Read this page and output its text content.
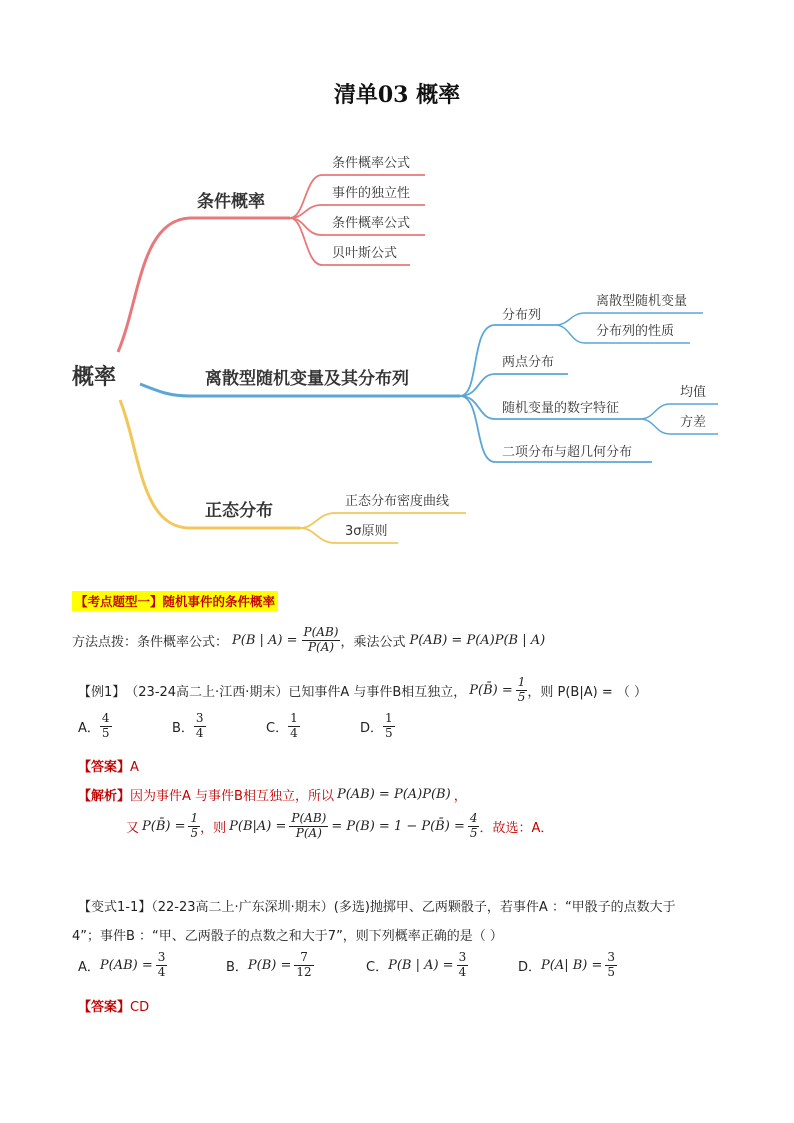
清单03 概率
概率
条件概率
条件概率公式
事件的独立性
条件概率公式
贝叶斯公式
离散型随机变量及其分布列
分布列
离散型随机变量
分布列的性质
两点分布
随机变量的数字特征
均值
方差
二项分布与超几何分布
正态分布	正态分布密度曲线
3σ原则
【考点题型一】随机事件的条件概率
方法点拨：条件概率公式： P(B | $A) = \frac{P(AB)}{P(A)}$ ，乘法公式 P(AB) = P(A)P(B | A)
【例1】 （23-24高二上·江西·期末）已知事件A 与事件B相互独立， P(B̄) = $\frac{1}{5}$ ，则 P(B|A) = （ ）
A． $\frac{4}{5}$	B． $\frac{3}{4}$	C． $\frac{1}{4}$	D． $\frac{1}{5}$
【答案】A
【解析】 因为事件A 与事件B相互独立，所以 P(AB) = P(A)P(B) ，
又 P(B̄) = $\frac{1}{5}$ ，则 $P(B|A) = \frac{P(AB)}{P(A)} = P(B) = 1$ − P(B̄) = $\frac{4}{5}$ ．故选：A．
【变式1-1】（22-23高二上·广东深圳·期末）(多选)抛掷甲、乙两颗骰子，若事件A ：“甲骰子的点数大于
4”；事件B ：“甲、乙两骰子的点数之和大于7”，则下列概率正确的是（ ）
A． $P(AB) = \frac{3}{4}$	B． $P(B) = \frac{7}{12}$	C． P(B | $A) = \frac{3}{4}$	D． P(A| $B) = \frac{3}{5}$
【答案】CD
